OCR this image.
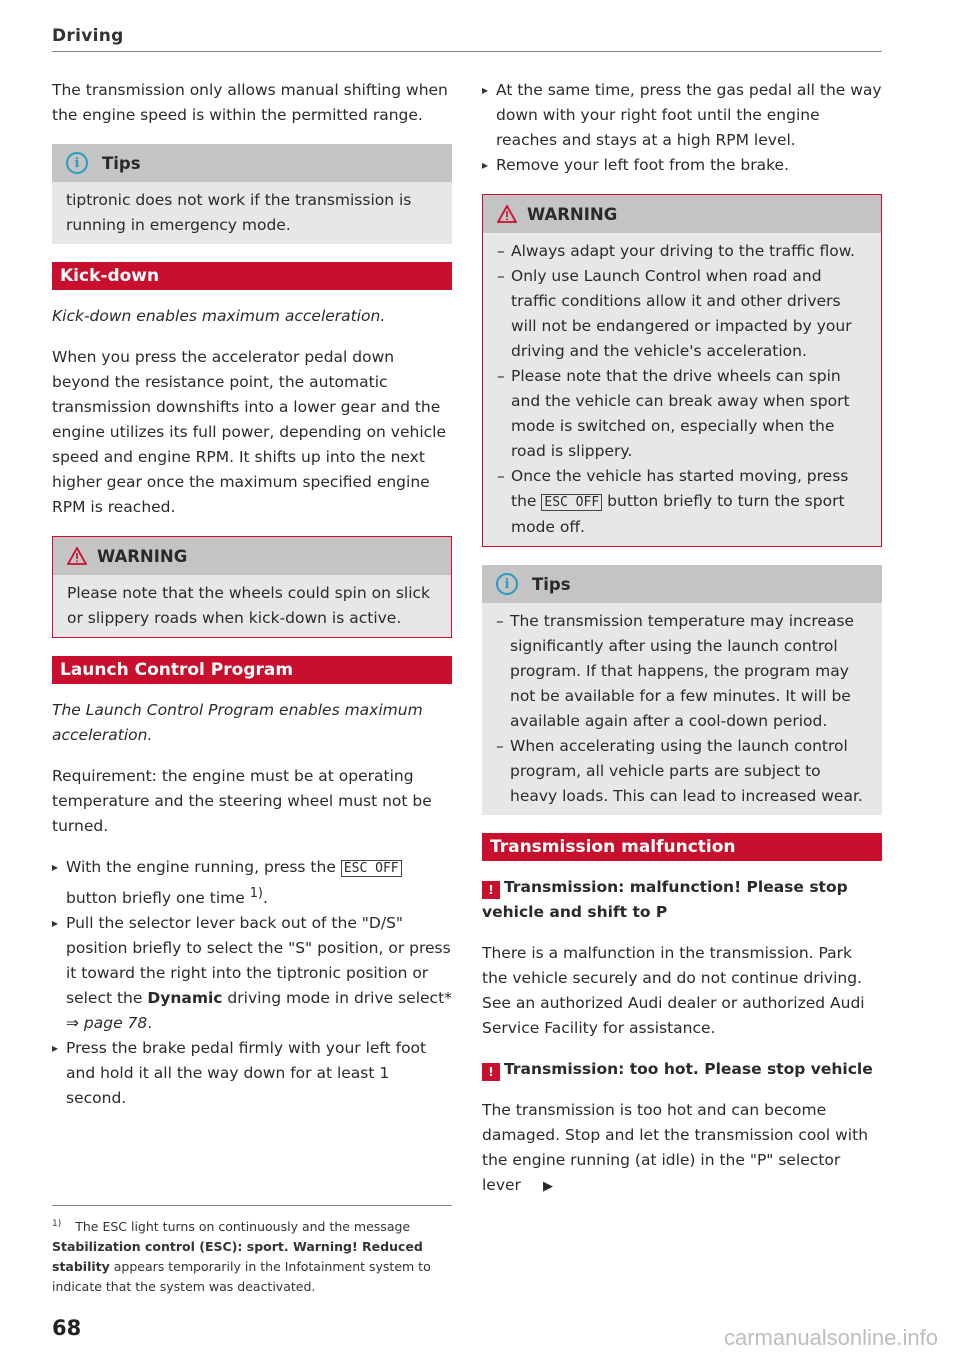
Driving

The transmission only allows manual shifting when the engine speed is within the permitted range.

i	Tips
tiptronic does not work if the transmission is running in emergency mode.
Kick-down

Kick-down enables maximum acceleration.

When you press the accelerator pedal down beyond the resistance point, the automatic transmission downshifts into a lower gear and the engine utilizes its full power, depending on vehicle speed and engine RPM. It shifts up into the next higher gear once the maximum specified engine RPM is reached.

WARNING
Please note that the wheels could spin on slick or slippery roads when kick-down is active.
Launch Control Program

The Launch Control Program enables maximum acceleration.

Requirement: the engine must be at operating temperature and the steering wheel must not be turned.

▸ With the engine running, press the ESC OFF button briefly one time $^{1)}$.
▸ Pull the selector lever back out of the "D/S" position briefly to select the "S" position, or press it toward the right into the tiptronic position or select the Dynamic driving mode in drive select* ⇒ page 78.
▸ Press the brake pedal firmly with your left foot and hold it all the way down for at least 1 second.
$^{1)}$ The ESC light turns on continuously and the message Stabilization control (ESC): sport. Warning! Reduced stability appears temporarily in the Infotainment system to indicate that the system was deactivated.
▸ At the same time, press the gas pedal all the way down with your right foot until the engine reaches and stays at a high RPM level.
▸ Remove your left foot from the brake.
WARNING
– Always adapt your driving to the traffic flow.
– Only use Launch Control when road and traffic conditions allow it and other drivers will not be endangered or impacted by your driving and the vehicle's acceleration.
– Please note that the drive wheels can spin and the vehicle can break away when sport mode is switched on, especially when the road is slippery.
– Once the vehicle has started moving, press the ESC OFF button briefly to turn the sport mode off.
i	Tips
– The transmission temperature may increase significantly after using the launch control program. If that happens, the program may not be available for a few minutes. It will be available again after a cool-down period.
– When accelerating using the launch control program, all vehicle parts are subject to heavy loads. This can lead to increased wear.
Transmission malfunction

! Transmission: malfunction! Please stop vehicle and shift to P

There is a malfunction in the transmission. Park the vehicle securely and do not continue driving. See an authorized Audi dealer or authorized Audi Service Facility for assistance.

! Transmission: too hot. Please stop vehicle

The transmission is too hot and can become damaged. Stop and let the transmission cool with the engine running (at idle) in the "P" selector lever ▶

68	carmanualsonline.info
